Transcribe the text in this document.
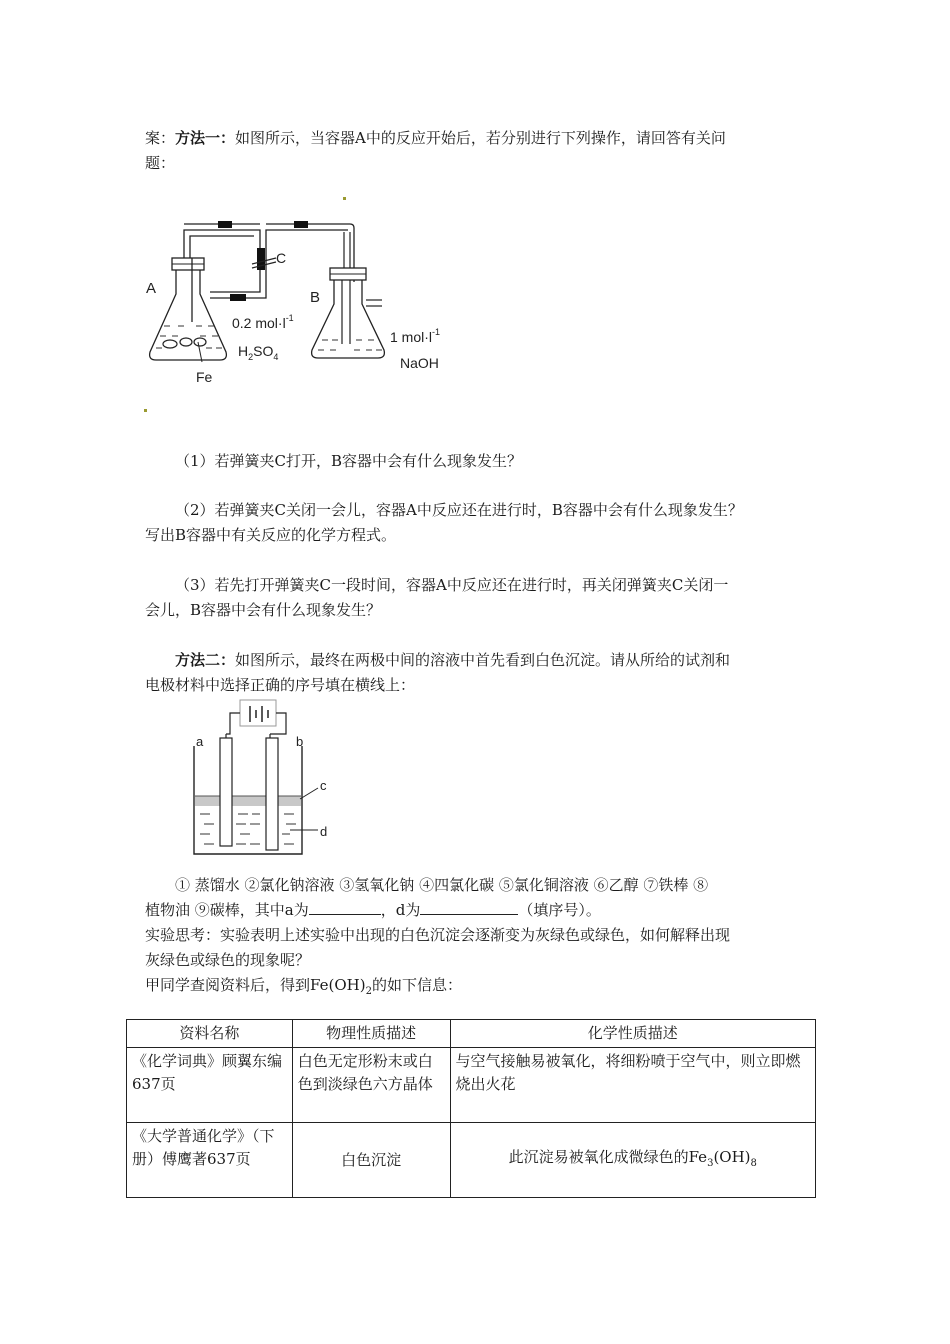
案：方法一：如图所示，当容器A中的反应开始后，若分别进行下列操作，请回答有关问

题：

A
B
C
0.2 $mol\cdot l^{-1}$
$H_2SO_4$
Fe
1 $mol\cdot l^{-1}$
NaOH

（1）若弹簧夹C打开，B容器中会有什么现象发生？

（2）若弹簧夹C关闭一会儿，容器A中反应还在进行时，B容器中会有什么现象发生？

写出B容器中有关反应的化学方程式。

（3）若先打开弹簧夹C一段时间，容器A中反应还在进行时，再关闭弹簧夹C关闭一

会儿，B容器中会有什么现象发生？

方法二：如图所示，最终在两极中间的溶液中首先看到白色沉淀。请从所给的试剂和

电极材料中选择正确的序号填在横线上：

a	b
c
d

① 蒸馏水 ②氯化钠溶液 ③氢氧化钠 ④四氯化碳 ⑤氯化铜溶液 ⑥乙醇 ⑦铁棒 ⑧

植物油 ⑨碳棒，其中a为	，d为	（填序号）。

实验思考：实验表明上述实验中出现的白色沉淀会逐渐变为灰绿色或绿色，如何解释出现

灰绿色或绿色的现象呢？

甲同学查阅资料后，得到$Fe(OH)_2$的如下信息：

资料名称	物理性质描述	化学性质描述
《化学词典》顾翼东编637页	白色无定形粉末或白色到淡绿色六方晶体	与空气接触易被氧化，将细粉喷于空气中，则立即燃烧出火花
《大学普通化学》（下册）傅鹰著637页	白色沉淀	此沉淀易被氧化成微绿色的$Fe_3(OH)_8$
